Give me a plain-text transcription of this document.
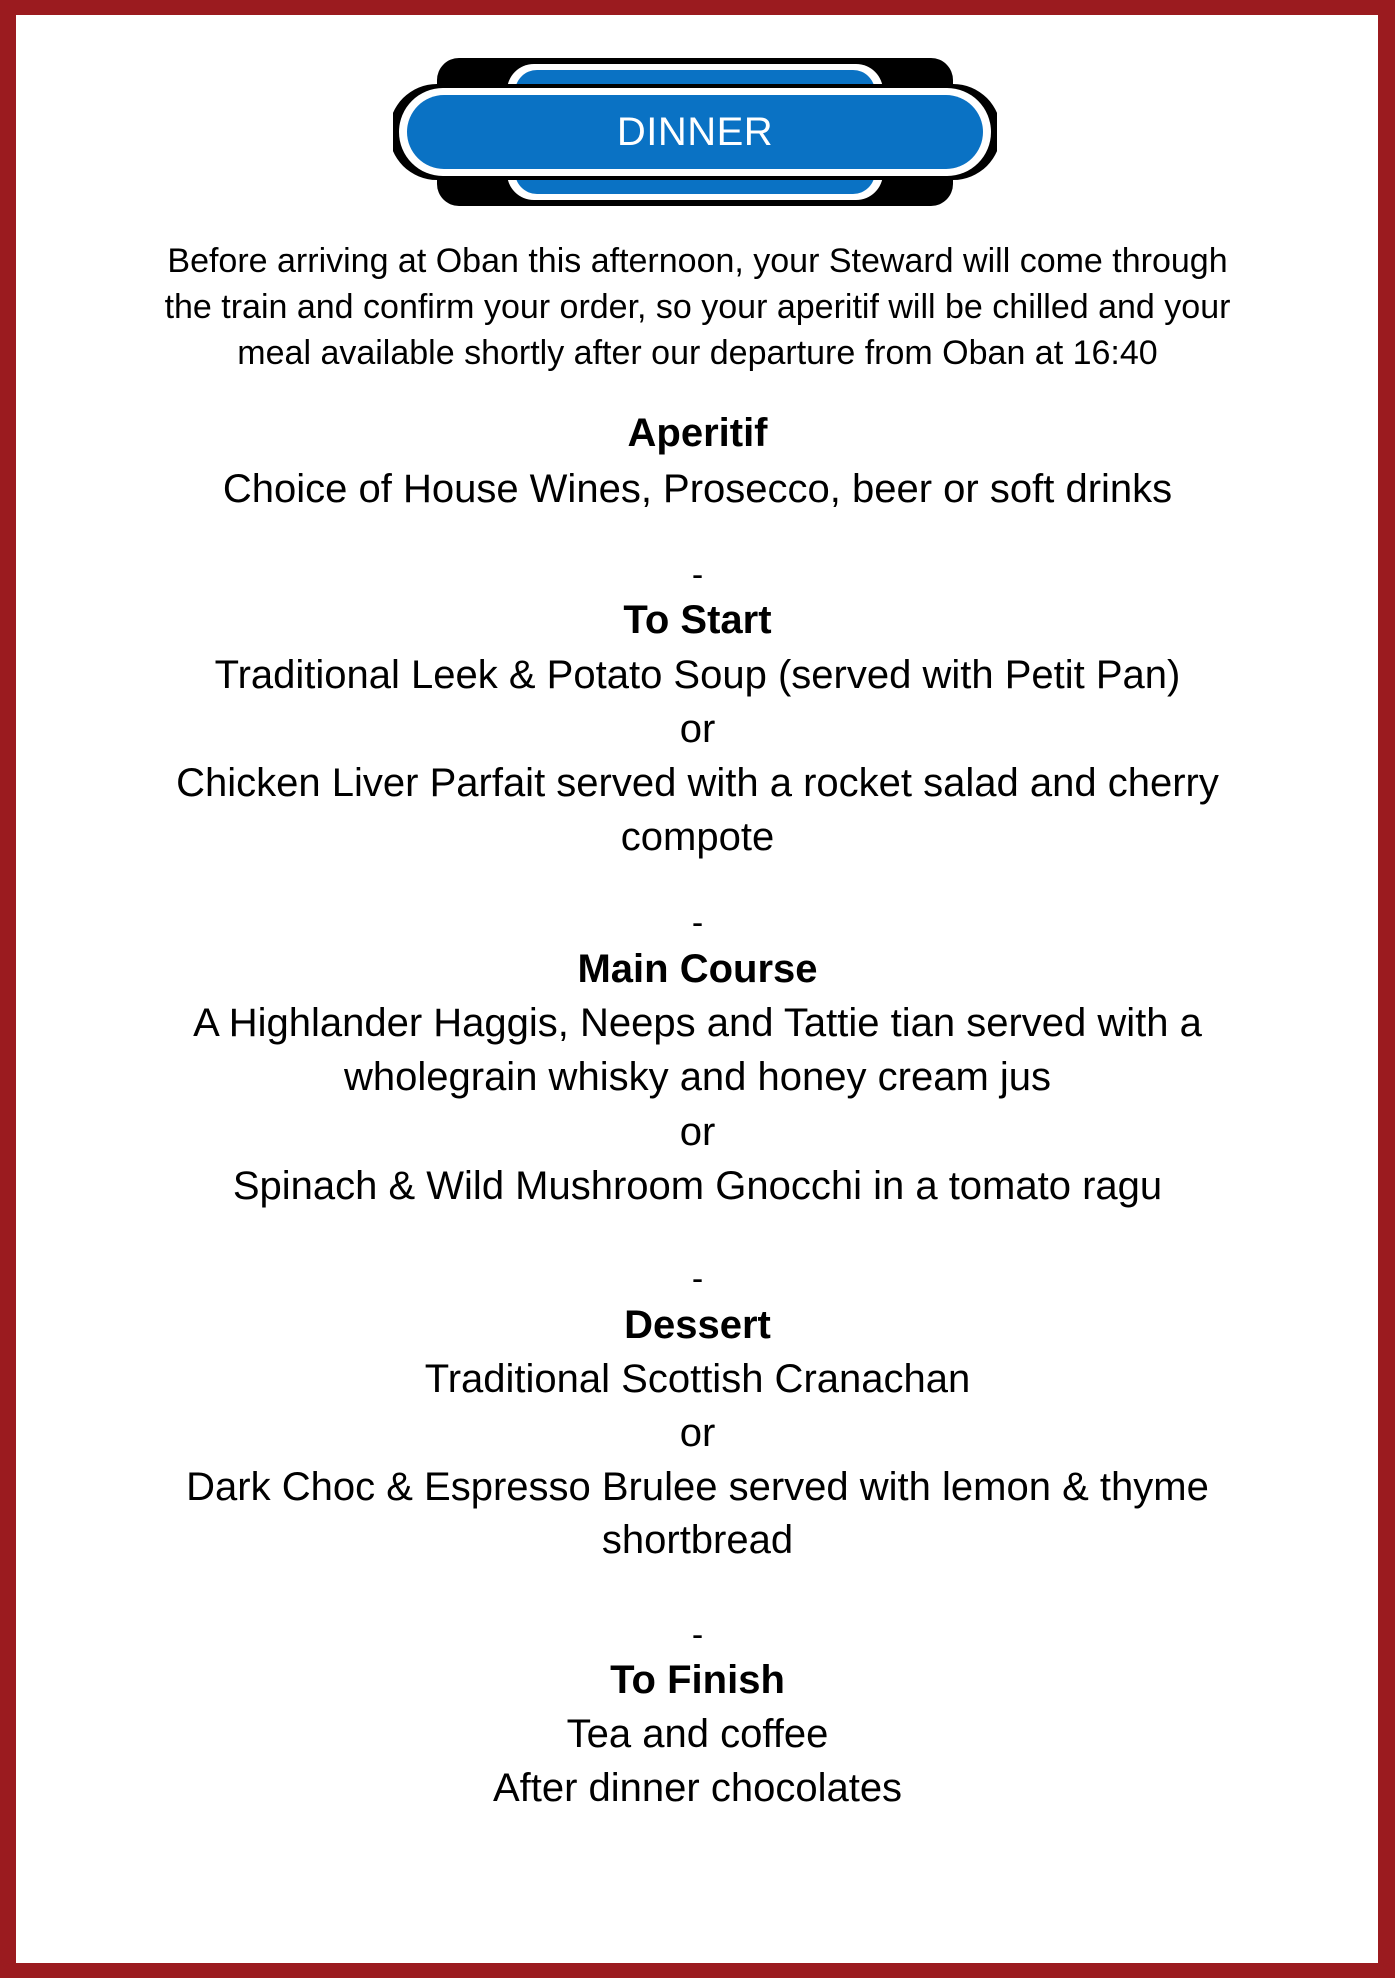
DINNER
Before arriving at Oban this afternoon, your Steward will come through
the train and confirm your order, so your aperitif will be chilled and your
meal available shortly after our departure from Oban at 16:40
Aperitif
Choice of House Wines, Prosecco, beer or soft drinks
-
To Start
Traditional Leek & Potato Soup (served with Petit Pan)
or
Chicken Liver Parfait served with a rocket salad and cherry
compote
-
Main Course
A Highlander Haggis, Neeps and Tattie tian served with a
wholegrain whisky and honey cream jus
or
Spinach & Wild Mushroom Gnocchi in a tomato ragu
-
Dessert
Traditional Scottish Cranachan
or
Dark Choc & Espresso Brulee served with lemon & thyme
shortbread
-
To Finish
Tea and coffee
After dinner chocolates
